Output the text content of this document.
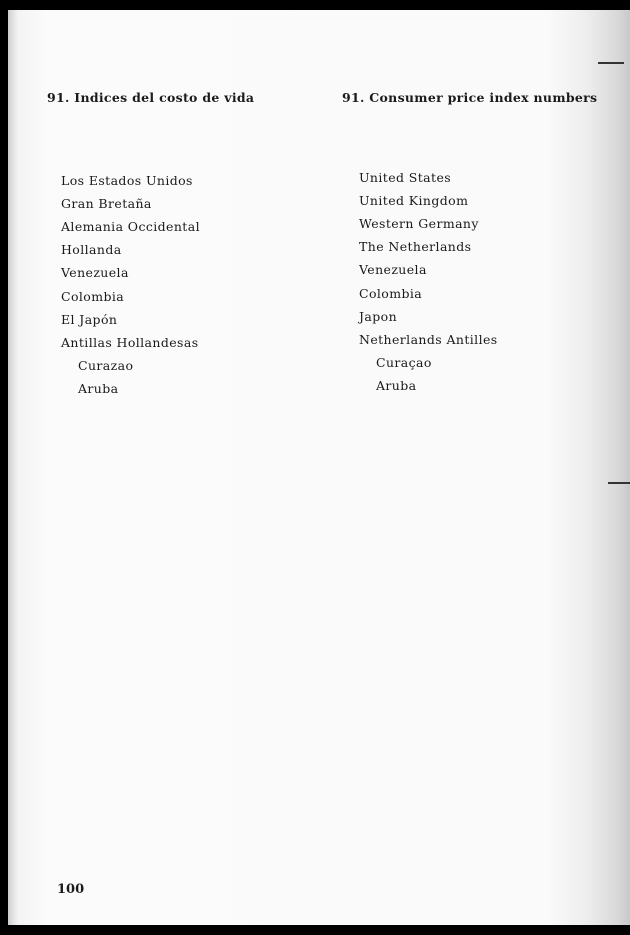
91. Indices del costo de vida	91. Consumer price index numbers
Los Estados Unidos
Gran Bretaña
Alemania Occidental
Hollanda
Venezuela
Colombia
El Japón
Antillas Hollandesas
Curazao
Aruba
United States
United Kingdom
Western Germany
The Netherlands
Venezuela
Colombia
Japon
Netherlands Antilles
Curaçao
Aruba
100
